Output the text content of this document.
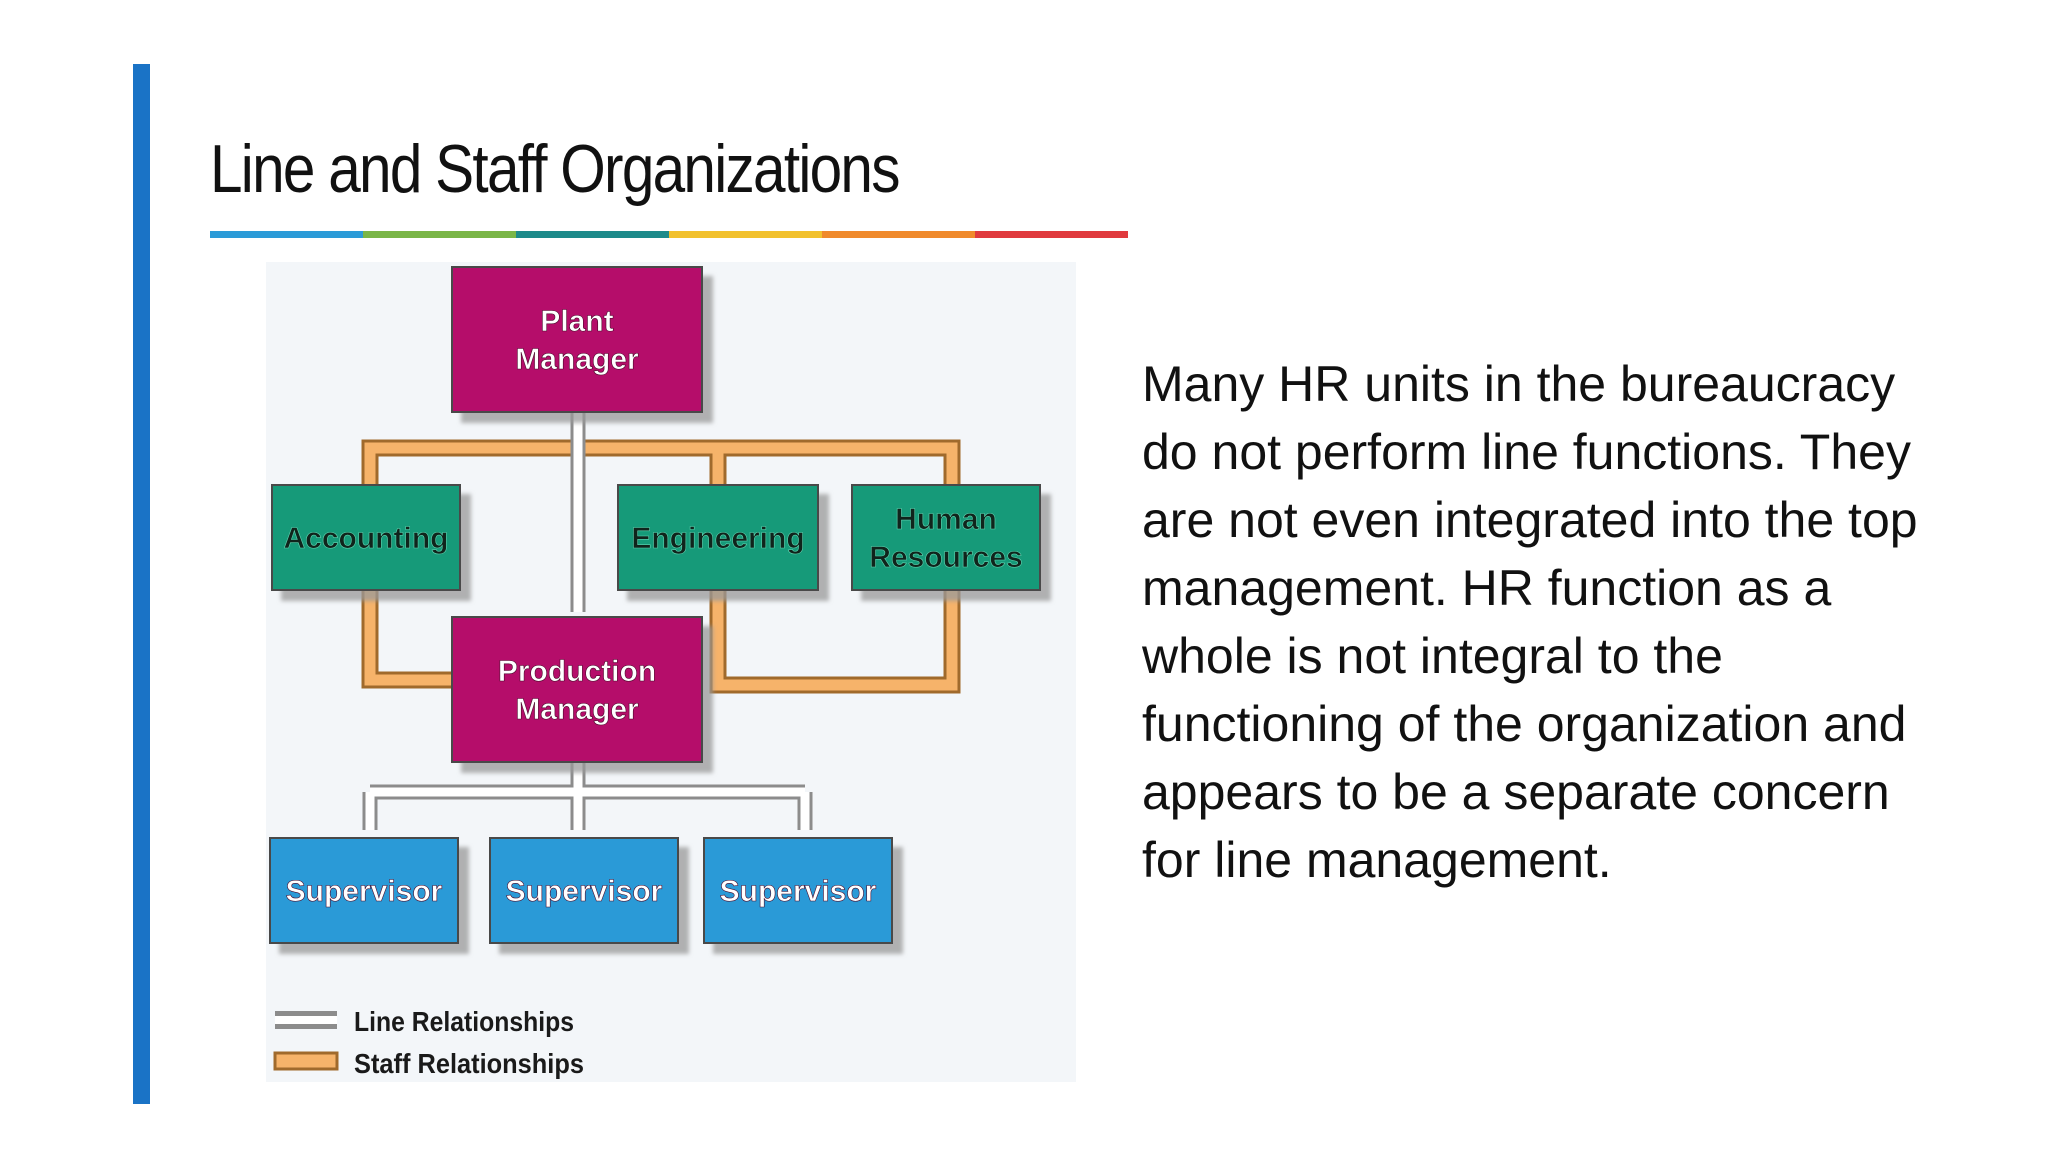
Line and Staff Organizations
Plant
Manager
Accounting	Engineering
Human
Resources
Production
Manager
Supervisor Supervisor Supervisor
Line Relationships
Staff Relationships

Many HR units in the bureaucracy
do not perform line functions. They
are not even integrated into the top
management. HR function as a
whole is not integral to the
functioning of the organization and
appears to be a separate concern
for line management.
